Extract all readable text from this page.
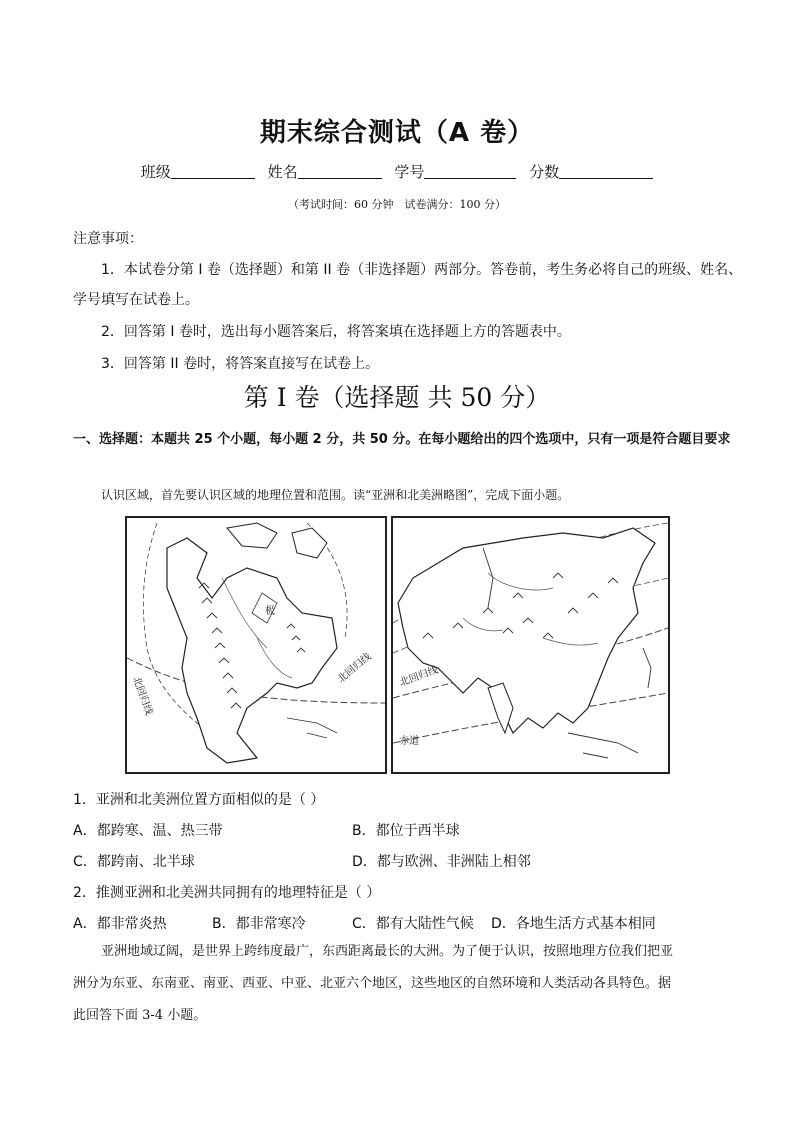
期末综合测试（A 卷）
班级	姓名	学号	分数
（考试时间：60 分钟　试卷满分：100 分）
注意事项：
1．本试卷分第 I 卷（选择题）和第 II 卷（非选择题）两部分。答卷前，考生务必将自己的班级、姓名、
学号填写在试卷上。
2．回答第 I 卷时，选出每小题答案后，将答案填在选择题上方的答题表中。
3．回答第 II 卷时，将答案直接写在试卷上。
第 I 卷（选择题 共 50 分）
一、选择题：本题共 25 个小题，每小题 2 分，共 50 分。在每小题给出的四个选项中，只有一项是符合题目要求
认识区域，首先要认识区域的地理位置和范围。读“亚洲和北美洲略图”，完成下面小题。
北回归线
北回归线
极
北回归线
赤道
1．亚洲和北美洲位置方面相似的是（ ）
A．都跨寒、温、热三带	B．都位于西半球
C．都跨南、北半球	D．都与欧洲、非洲陆上相邻
2．推测亚洲和北美洲共同拥有的地理特征是（ ）
A．都非常炎热	B．都非常寒冷	C．都有大陆性气候 D．各地生活方式基本相同
亚洲地域辽阔，是世界上跨纬度最广，东西距离最长的大洲。为了便于认识，按照地理方位我们把亚
洲分为东亚、东南亚、南亚、西亚、中亚、北亚六个地区，这些地区的自然环境和人类活动各具特色。据
此回答下面 3-4 小题。
